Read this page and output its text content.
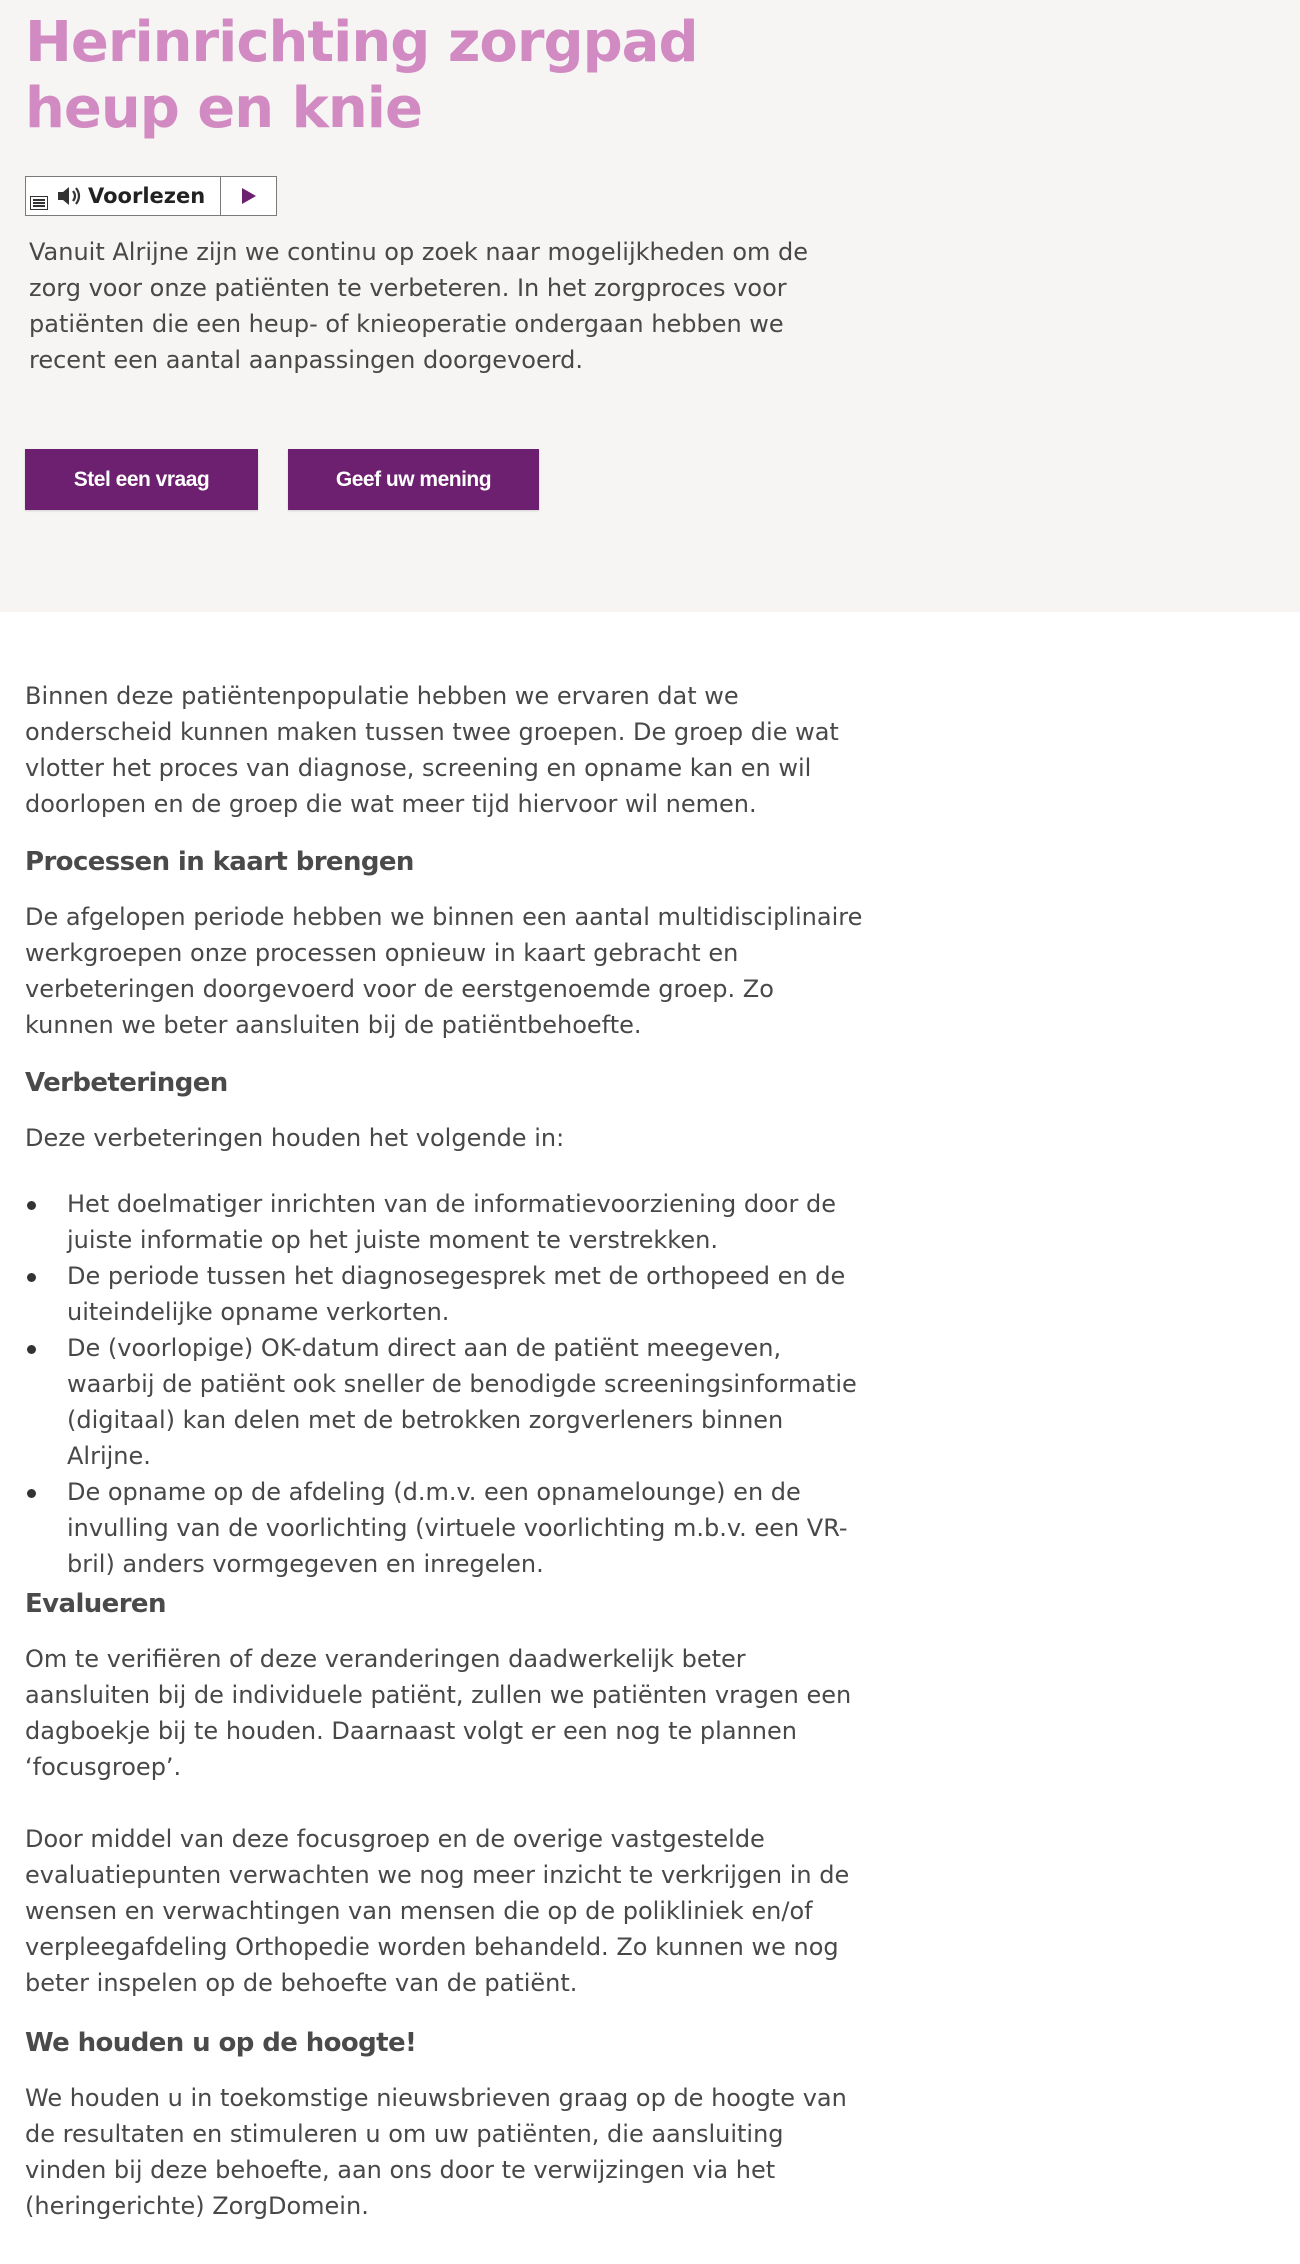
Herinrichting zorgpad heup en knie
Voorlezen

Vanuit Alrijne zijn we continu op zoek naar mogelijkheden om de zorg voor onze patiënten te verbeteren. In het zorgproces voor patiënten die een heup- of knieoperatie ondergaan hebben we recent een aantal aanpassingen doorgevoerd.

Stel een vraag	Geef uw mening

Binnen deze patiëntenpopulatie hebben we ervaren dat we onderscheid kunnen maken tussen twee groepen. De groep die wat vlotter het proces van diagnose, screening en opname kan en wil doorlopen en de groep die wat meer tijd hiervoor wil nemen.

Processen in kaart brengen

De afgelopen periode hebben we binnen een aantal multidisciplinaire werkgroepen onze processen opnieuw in kaart gebracht en verbeteringen doorgevoerd voor de eerstgenoemde groep. Zo kunnen we beter aansluiten bij de patiëntbehoefte.

Verbeteringen

Deze verbeteringen houden het volgende in:

Het doelmatiger inrichten van de informatievoorziening door de juiste informatie op het juiste moment te verstrekken.
De periode tussen het diagnosegesprek met de orthopeed en de uiteindelijke opname verkorten.
De (voorlopige) OK-datum direct aan de patiënt meegeven, waarbij de patiënt ook sneller de benodigde screeningsinformatie (digitaal) kan delen met de betrokken zorgverleners binnen Alrijne.
De opname op de afdeling (d.m.v. een opnamelounge) en de invulling van de voorlichting (virtuele voorlichting m.b.v. een VR-bril) anders vormgegeven en inregelen.
Evalueren

Om te verifiëren of deze veranderingen daadwerkelijk beter aansluiten bij de individuele patiënt, zullen we patiënten vragen een dagboekje bij te houden. Daarnaast volgt er een nog te plannen ‘focusgroep’.

Door middel van deze focusgroep en de overige vastgestelde evaluatiepunten verwachten we nog meer inzicht te verkrijgen in de wensen en verwachtingen van mensen die op de polikliniek en/of verpleegafdeling Orthopedie worden behandeld. Zo kunnen we nog beter inspelen op de behoefte van de patiënt.

We houden u op de hoogte!

We houden u in toekomstige nieuwsbrieven graag op de hoogte van de resultaten en stimuleren u om uw patiënten, die aansluiting vinden bij deze behoefte, aan ons door te verwijzingen via het (heringerichte) ZorgDomein.
